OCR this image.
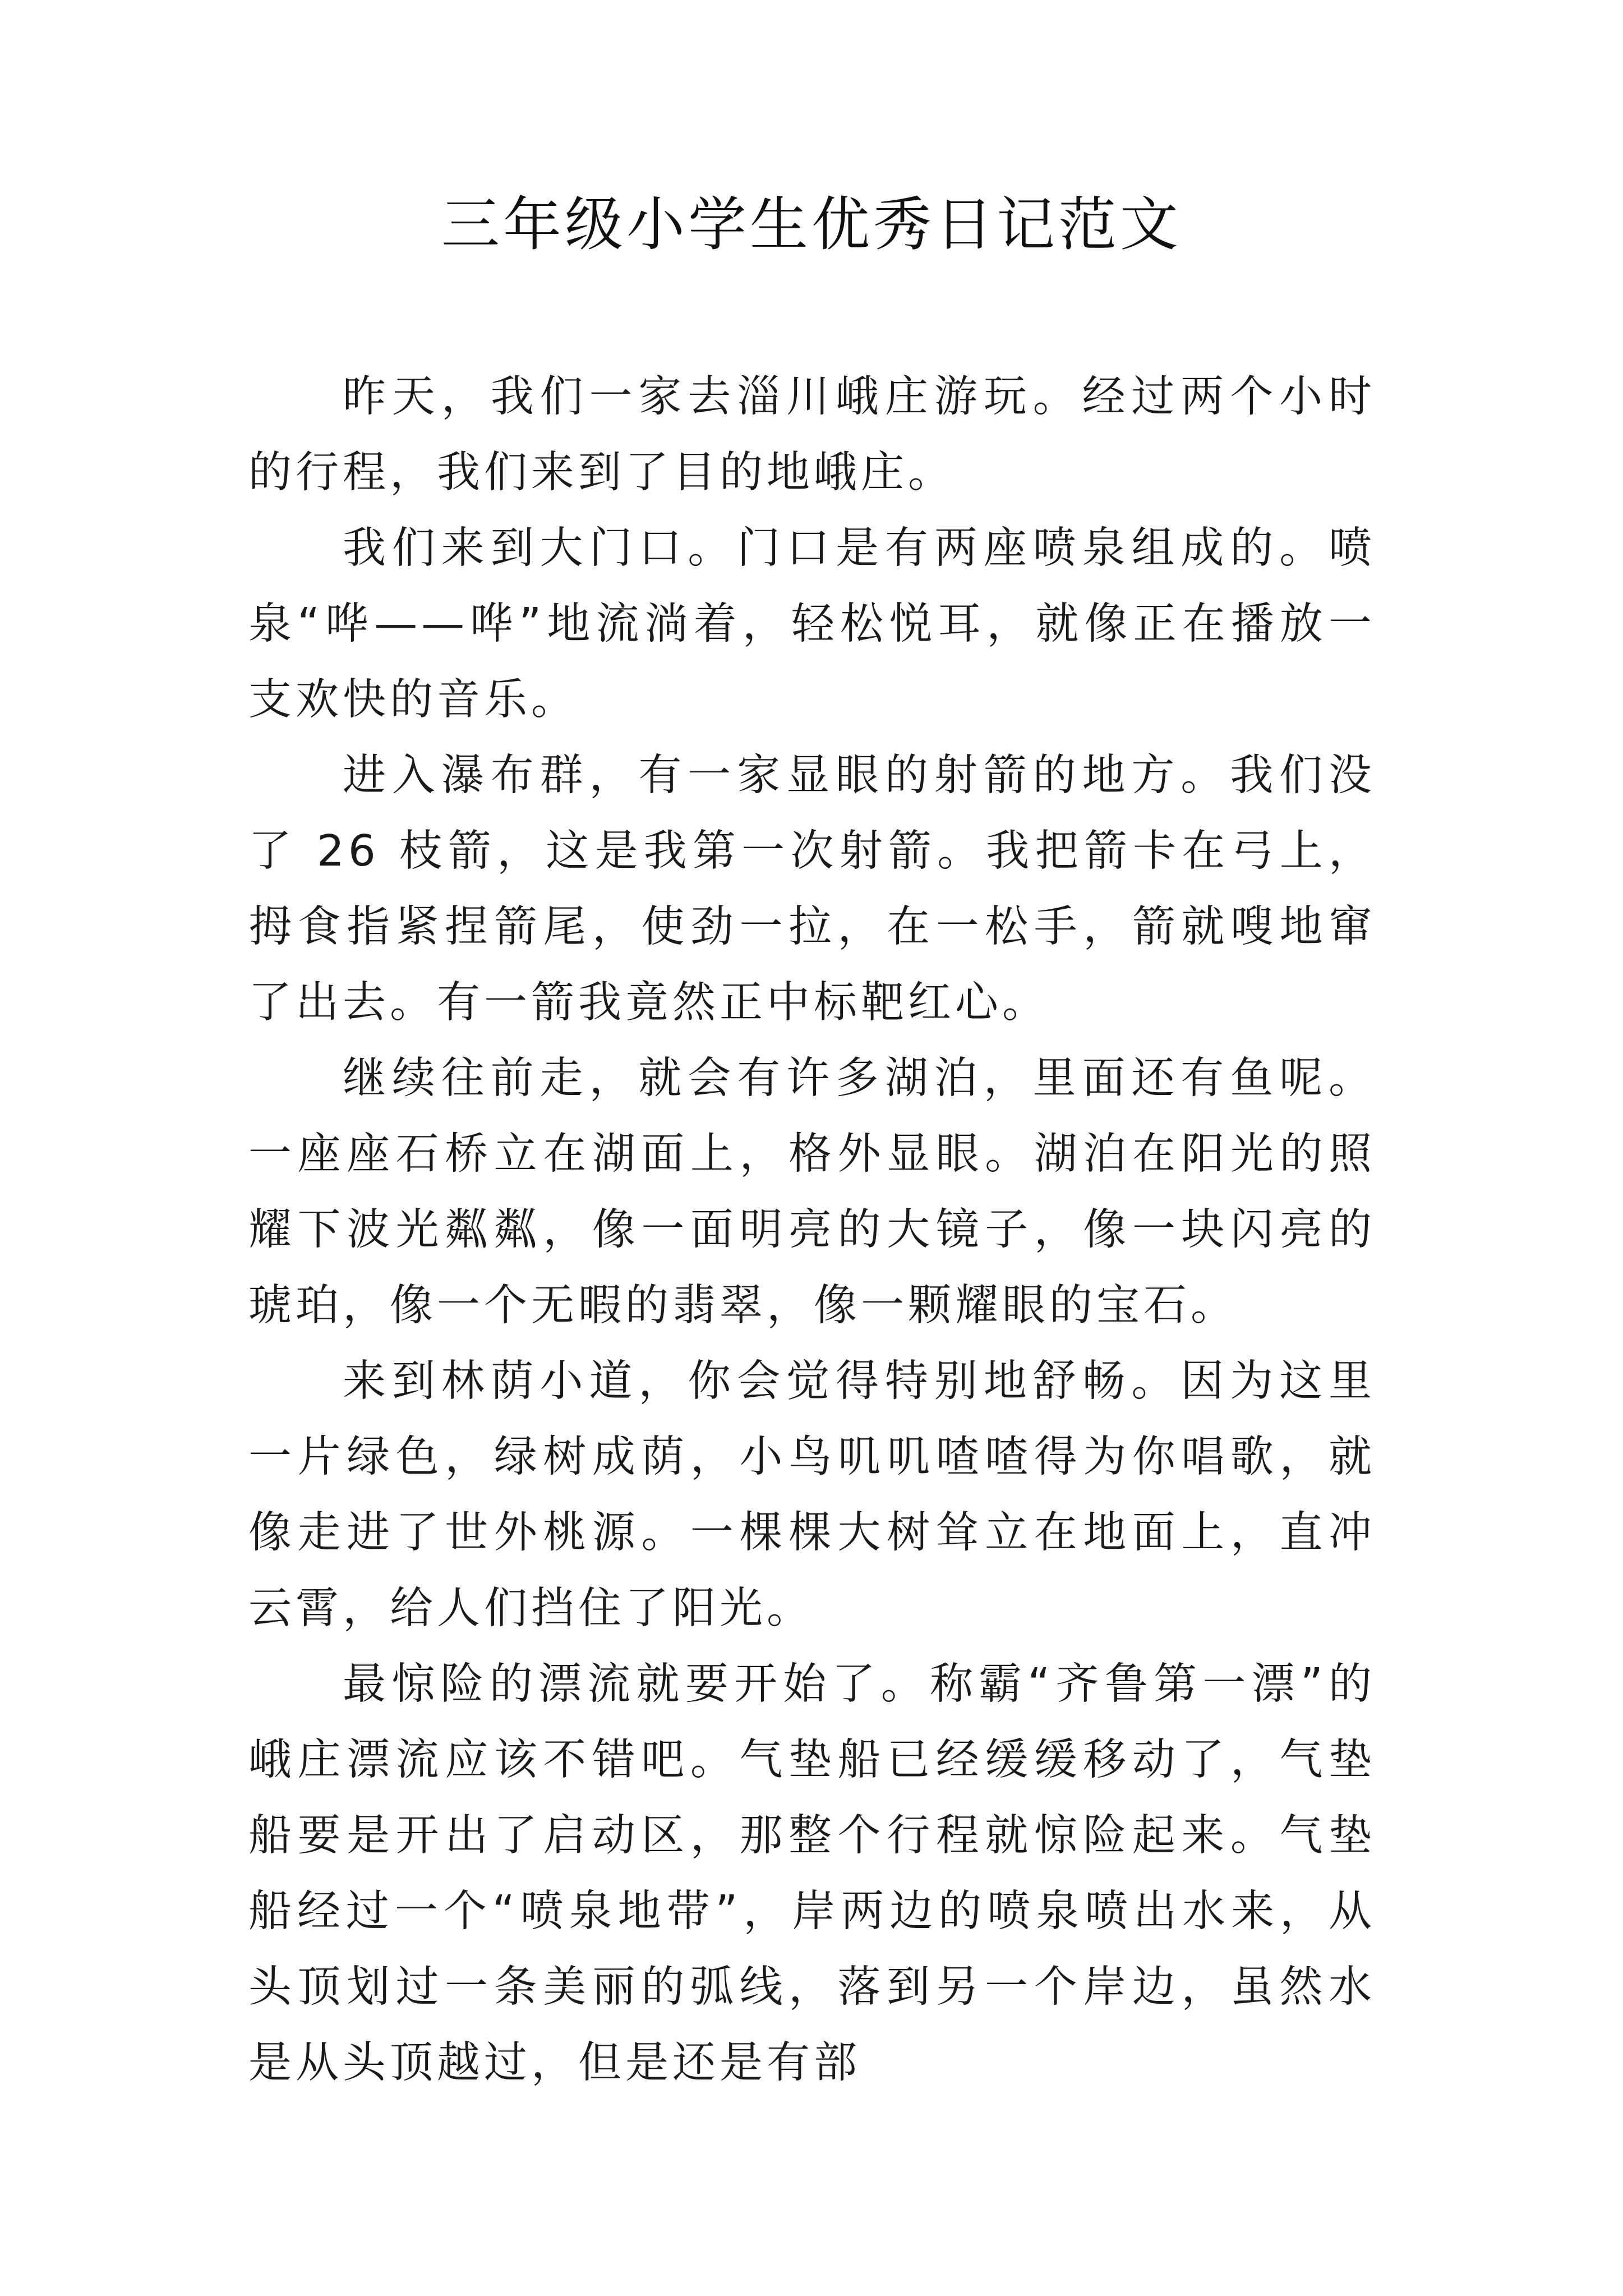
三年级小学生优秀日记范文

昨天，我们一家去淄川峨庄游玩。经过两个小时的行程，我们来到了目的地峨庄。

我们来到大门口。门口是有两座喷泉组成的。喷泉“哗——哗”地流淌着，轻松悦耳，就像正在播放一支欢快的音乐。

进入瀑布群，有一家显眼的射箭的地方。我们没了 26 枝箭，这是我第一次射箭。我把箭卡在弓上，拇食指紧捏箭尾，使劲一拉，在一松手，箭就嗖地窜了出去。有一箭我竟然正中标靶红心。

继续往前走，就会有许多湖泊，里面还有鱼呢。一座座石桥立在湖面上，格外显眼。湖泊在阳光的照耀下波光粼粼，像一面明亮的大镜子，像一块闪亮的琥珀，像一个无暇的翡翠，像一颗耀眼的宝石。

来到林荫小道，你会觉得特别地舒畅。因为这里一片绿色，绿树成荫，小鸟叽叽喳喳得为你唱歌，就像走进了世外桃源。一棵棵大树耸立在地面上，直冲云霄，给人们挡住了阳光。

最惊险的漂流就要开始了。称霸“齐鲁第一漂”的峨庄漂流应该不错吧。气垫船已经缓缓移动了，气垫船要是开出了启动区，那整个行程就惊险起来。气垫船经过一个“喷泉地带”，岸两边的喷泉喷出水来，从头顶划过一条美丽的弧线，落到另一个岸边，虽然水是从头顶越过，但是还是有部
